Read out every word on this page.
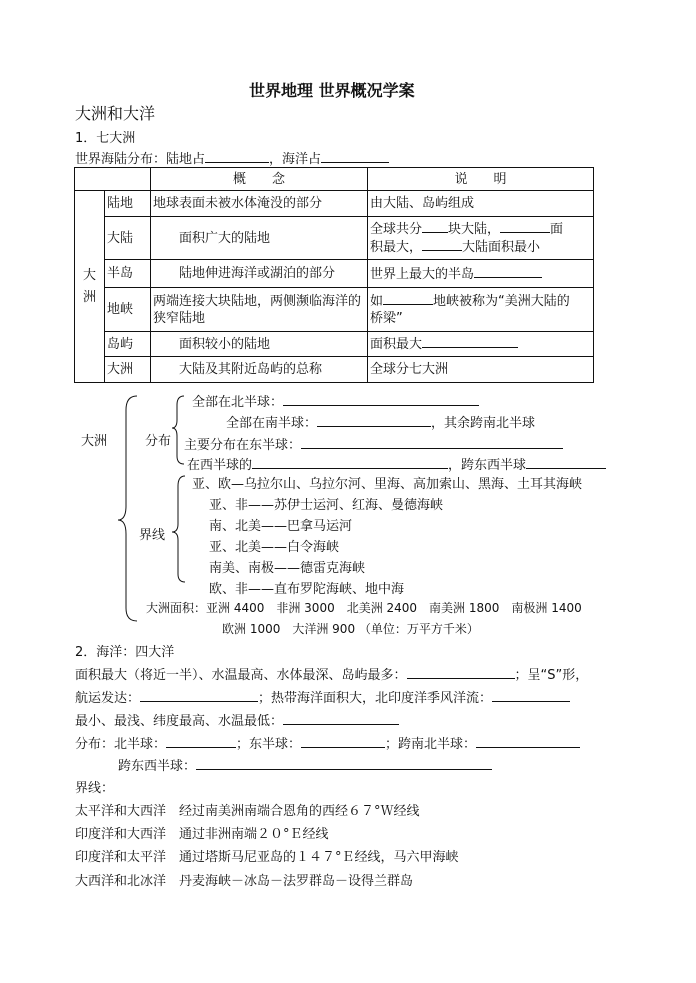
世界地理 世界概况学案
大洲和大洋
1．七大洲
世界海陆分布：陆地占	，海洋占
		概　　念	说　　明
大洲	陆地	地球表面未被水体淹没的部分	由大陆、岛屿组成
	大陆	面积广大的陆地	全球共分 块大陆， 面
积最大， 大陆面积最小
	半岛	陆地伸进海洋或湖泊的部分	世界上最大的半岛
	地峡	两端连接大块陆地，两侧濒临海洋的狭窄陆地	如 地峡被称为“美洲大陆的
桥梁”
	岛屿	面积较小的陆地	面积最大
	大洲	大陆及其附近岛屿的总称	全球分七大洲
大洲	分布
全部在北半球：
全部在南半球：	，其余跨南北半球
主要分布在东半球：
在西半球的	，跨东西半球
界线
亚、欧—乌拉尔山、乌拉尔河、里海、高加索山、黑海、土耳其海峡
亚、非——苏伊士运河、红海、曼德海峡
南、北美——巴拿马运河
亚、北美——白令海峡
南美、南极——德雷克海峡
欧、非——直布罗陀海峡、地中海
大洲面积：亚洲 4400　非洲 3000　北美洲 2400　南美洲 1800　南极洲 1400
欧洲 1000　大洋洲 900 （单位：万平方千米）
2．海洋：四大洋
面积最大（将近一半）、水温最高、水体最深、岛屿最多：	；呈“S”形，
航运发达：	；热带海洋面积大，北印度洋季风洋流：
最小、最浅、纬度最高、水温最低：
分布：北半球：	；东半球：	；跨南北半球：
跨东西半球：
界线：
太平洋和大西洋　经过南美洲南端合恩角的西经６７°Ｗ经线
印度洋和大西洋　通过非洲南端２０°Ｅ经线
印度洋和太平洋　通过塔斯马尼亚岛的１４７°Ｅ经线，马六甲海峡
大西洋和北冰洋　丹麦海峡－冰岛－法罗群岛－设得兰群岛
